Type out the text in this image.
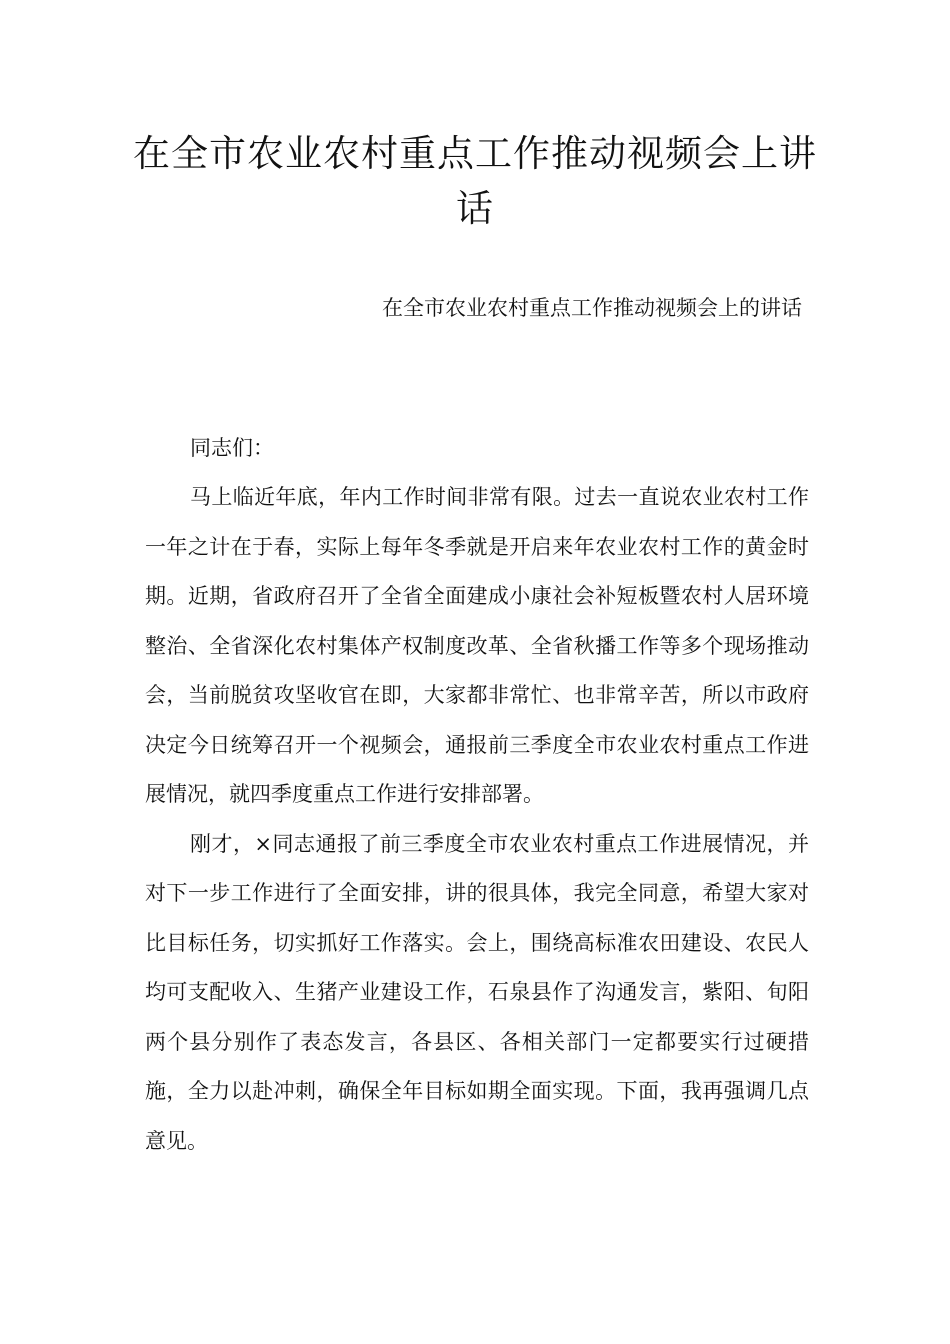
在全市农业农村重点工作推动视频会上讲话

在全市农业农村重点工作推动视频会上的讲话

同志们：

马上临近年底，年内工作时间非常有限。过去一直说农业农村工作一年之计在于春，实际上每年冬季就是开启来年农业农村工作的黄金时期。近期，省政府召开了全省全面建成小康社会补短板暨农村人居环境整治、全省深化农村集体产权制度改革、全省秋播工作等多个现场推动会，当前脱贫攻坚收官在即，大家都非常忙、也非常辛苦，所以市政府决定今日统筹召开一个视频会，通报前三季度全市农业农村重点工作进展情况，就四季度重点工作进行安排部署。

刚才，×同志通报了前三季度全市农业农村重点工作进展情况，并对下一步工作进行了全面安排，讲的很具体，我完全同意，希望大家对比目标任务，切实抓好工作落实。会上，围绕高标准农田建设、农民人均可支配收入、生猪产业建设工作，石泉县作了沟通发言，紫阳、旬阳两个县分别作了表态发言，各县区、各相关部门一定都要实行过硬措施，全力以赴冲刺，确保全年目标如期全面实现。下面，我再强调几点意见。
